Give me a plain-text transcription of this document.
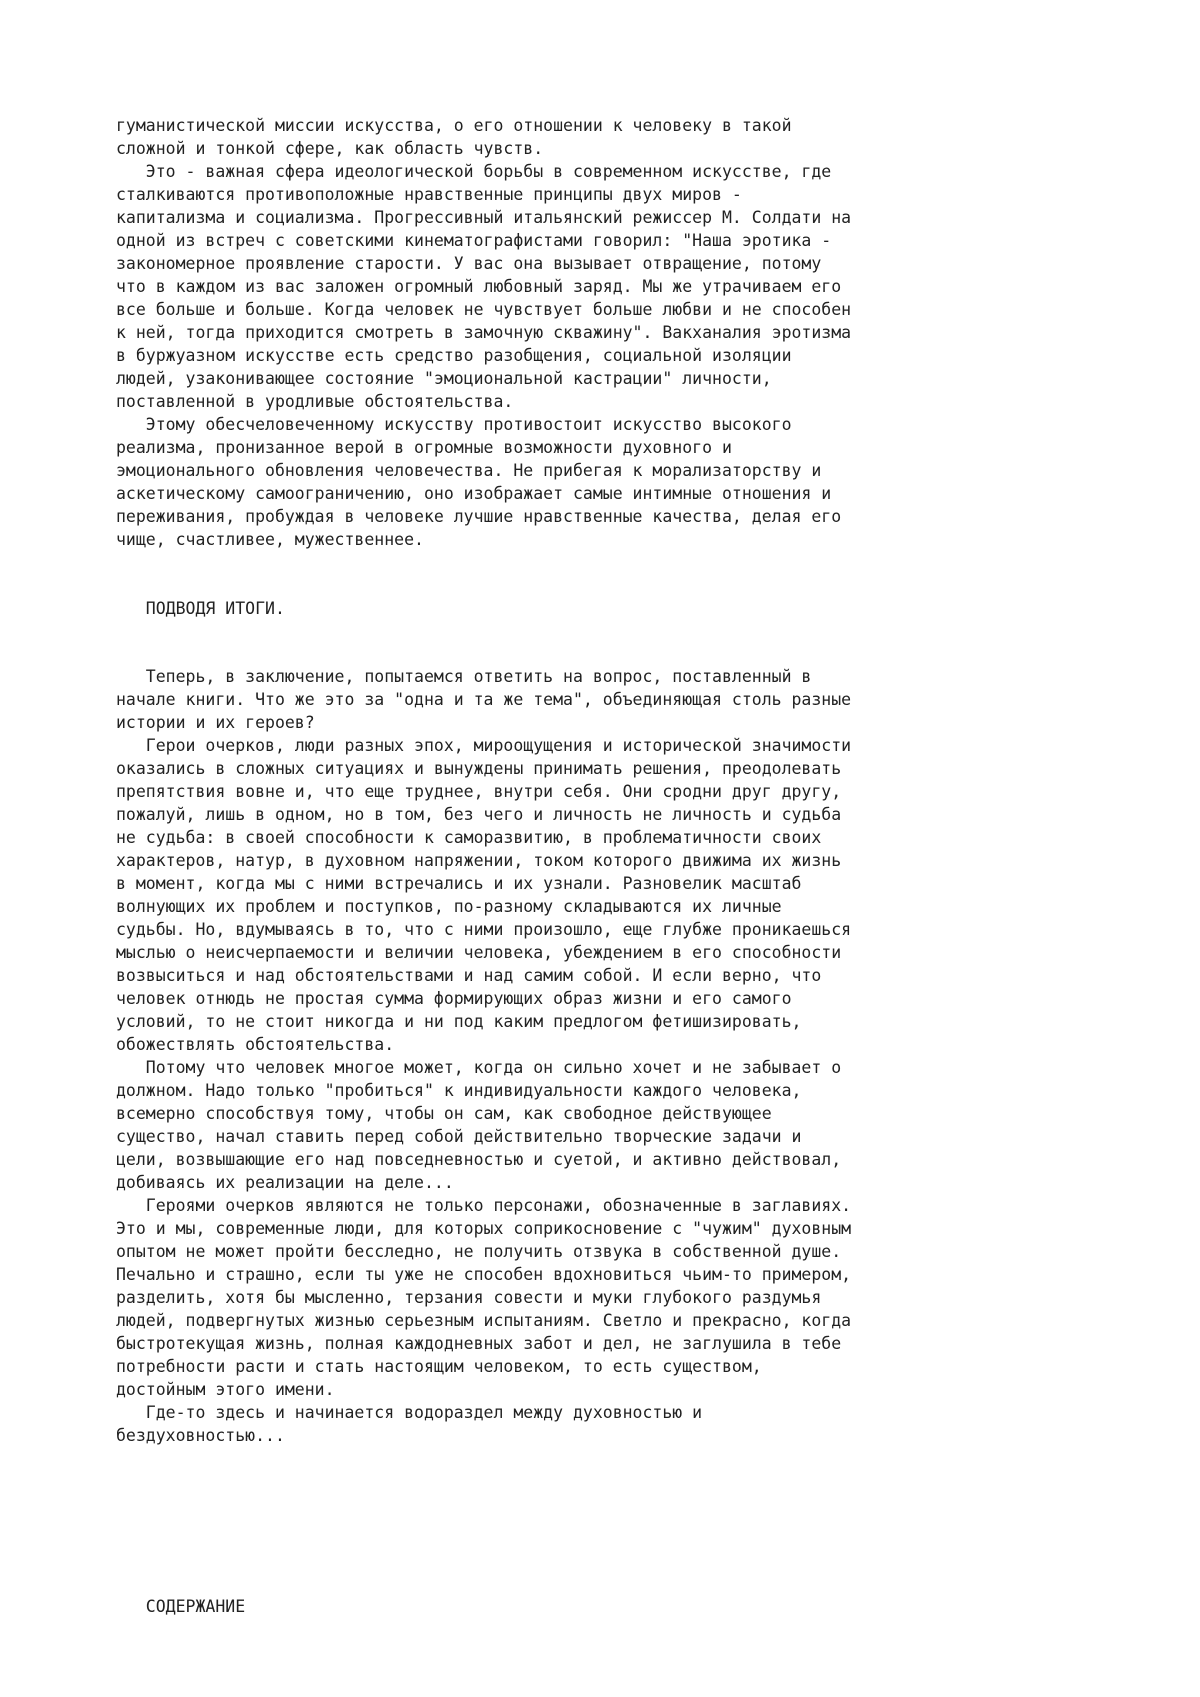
гуманистической миссии искусства, о его отношении к человеку в такой
сложной и тонкой сфере, как область чувств.
Это - важная сфера идеологической борьбы в современном искусстве, где
сталкиваются противоположные нравственные принципы двух миров -
капитализма и социализма. Прогрессивный итальянский режиссер М. Солдати на
одной из встреч с советскими кинематографистами говорил: "Наша эротика -
закономерное проявление старости. У вас она вызывает отвращение, потому
что в каждом из вас заложен огромный любовный заряд. Мы же утрачиваем его
все больше и больше. Когда человек не чувствует больше любви и не способен
к ней, тогда приходится смотреть в замочную скважину". Вакханалия эротизма
в буржуазном искусстве есть средство разобщения, социальной изоляции
людей, узаконивающее состояние "эмоциональной кастрации" личности,
поставленной в уродливые обстоятельства.
Этому обесчеловеченному искусству противостоит искусство высокого
реализма, пронизанное верой в огромные возможности духовного и
эмоционального обновления человечества. Не прибегая к морализаторству и
аскетическому самоограничению, оно изображает самые интимные отношения и
переживания, пробуждая в человеке лучшие нравственные качества, делая его
чище, счастливее, мужественнее.
ПОДВОДЯ ИТОГИ.
Теперь, в заключение, попытаемся ответить на вопрос, поставленный в
начале книги. Что же это за "одна и та же тема", объединяющая столь разные
истории и их героев?
Герои очерков, люди разных эпох, мироощущения и исторической значимости
оказались в сложных ситуациях и вынуждены принимать решения, преодолевать
препятствия вовне и, что еще труднее, внутри себя. Они сродни друг другу,
пожалуй, лишь в одном, но в том, без чего и личность не личность и судьба
не судьба: в своей способности к саморазвитию, в проблематичности своих
характеров, натур, в духовном напряжении, током которого движима их жизнь
в момент, когда мы с ними встречались и их узнали. Разновелик масштаб
волнующих их проблем и поступков, по-разному складываются их личные
судьбы. Но, вдумываясь в то, что с ними произошло, еще глубже проникаешься
мыслью о неисчерпаемости и величии человека, убеждением в его способности
возвыситься и над обстоятельствами и над самим собой. И если верно, что
человек отнюдь не простая сумма формирующих образ жизни и его самого
условий, то не стоит никогда и ни под каким предлогом фетишизировать,
обожествлять обстоятельства.
Потому что человек многое может, когда он сильно хочет и не забывает о
должном. Надо только "пробиться" к индивидуальности каждого человека,
всемерно способствуя тому, чтобы он сам, как свободное действующее
существо, начал ставить перед собой действительно творческие задачи и
цели, возвышающие его над повседневностью и суетой, и активно действовал,
добиваясь их реализации на деле...
Героями очерков являются не только персонажи, обозначенные в заглавиях.
Это и мы, современные люди, для которых соприкосновение с "чужим" духовным
опытом не может пройти бесследно, не получить отзвука в собственной душе.
Печально и страшно, если ты уже не способен вдохновиться чьим-то примером,
разделить, хотя бы мысленно, терзания совести и муки глубокого раздумья
людей, подвергнутых жизнью серьезным испытаниям. Светло и прекрасно, когда
быстротекущая жизнь, полная каждодневных забот и дел, не заглушила в тебе
потребности расти и стать настоящим человеком, то есть существом,
достойным этого имени.
Где-то здесь и начинается водораздел между духовностью и
бездуховностью...
СОДЕРЖАНИЕ
